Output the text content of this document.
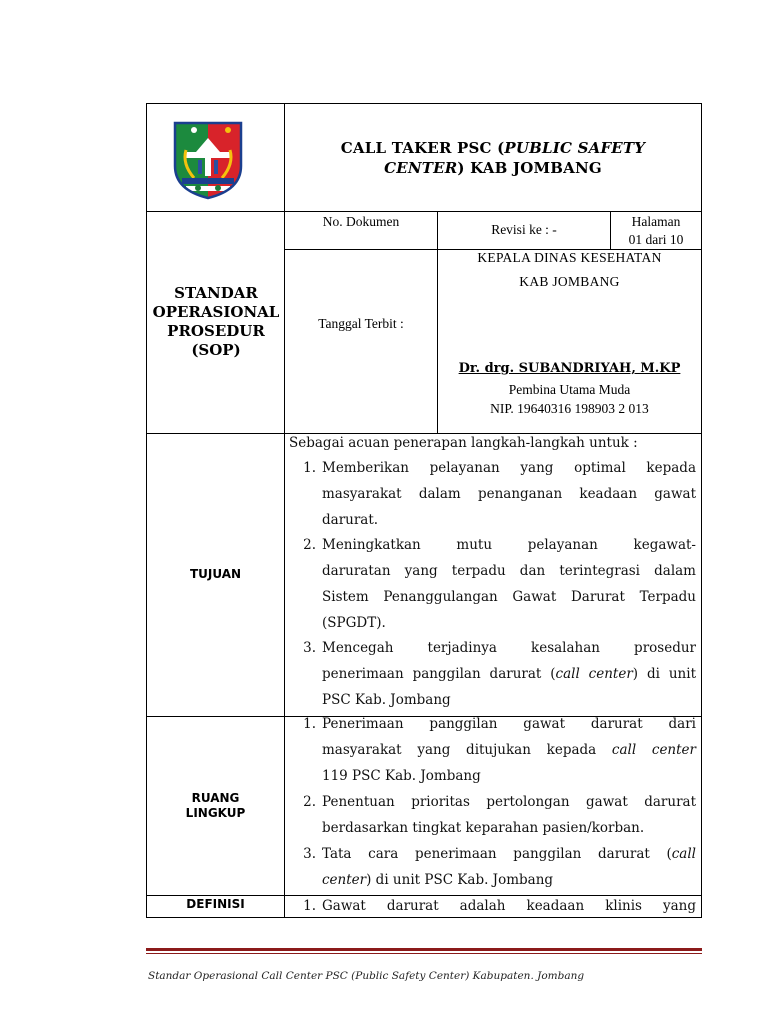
CALL TAKER PSC (PUBLIC SAFETY
CENTER) KAB JOMBANG
STANDAR
OPERASIONAL
PROSEDUR
(SOP)
No. Dokumen
Revisi ke : -
Halaman
01 dari 10
Tanggal Terbit :
KEPALA DINAS KESEHATAN
KAB JOMBANG
Dr. drg. SUBANDRIYAH, M.KP
Pembina Utama Muda
NIP. 19640316 198903 2 013
TUJUAN
Sebagai acuan penerapan langkah-langkah untuk :
1. Memberikan pelayanan yang optimal kepada
masyarakat dalam penanganan keadaan gawat
darurat.
2. Meningkatkan mutu pelayanan kegawat-
daruratan yang terpadu dan terintegrasi dalam
Sistem Penanggulangan Gawat Darurat Terpadu
(SPGDT).
3. Mencegah terjadinya kesalahan prosedur
penerimaan panggilan darurat (call center) di unit
PSC Kab. Jombang
RUANG
LINGKUP
1. Penerimaan panggilan gawat darurat dari
masyarakat yang ditujukan kepada call center
119 PSC Kab. Jombang
2. Penentuan prioritas pertolongan gawat darurat
berdasarkan tingkat keparahan pasien/korban.
3. Tata cara penerimaan panggilan darurat (call
center) di unit PSC Kab. Jombang
DEFINISI	1. Gawat darurat adalah keadaan klinis yang
Standar Operasional Call Center PSC (Public Safety Center) Kabupaten. Jombang
